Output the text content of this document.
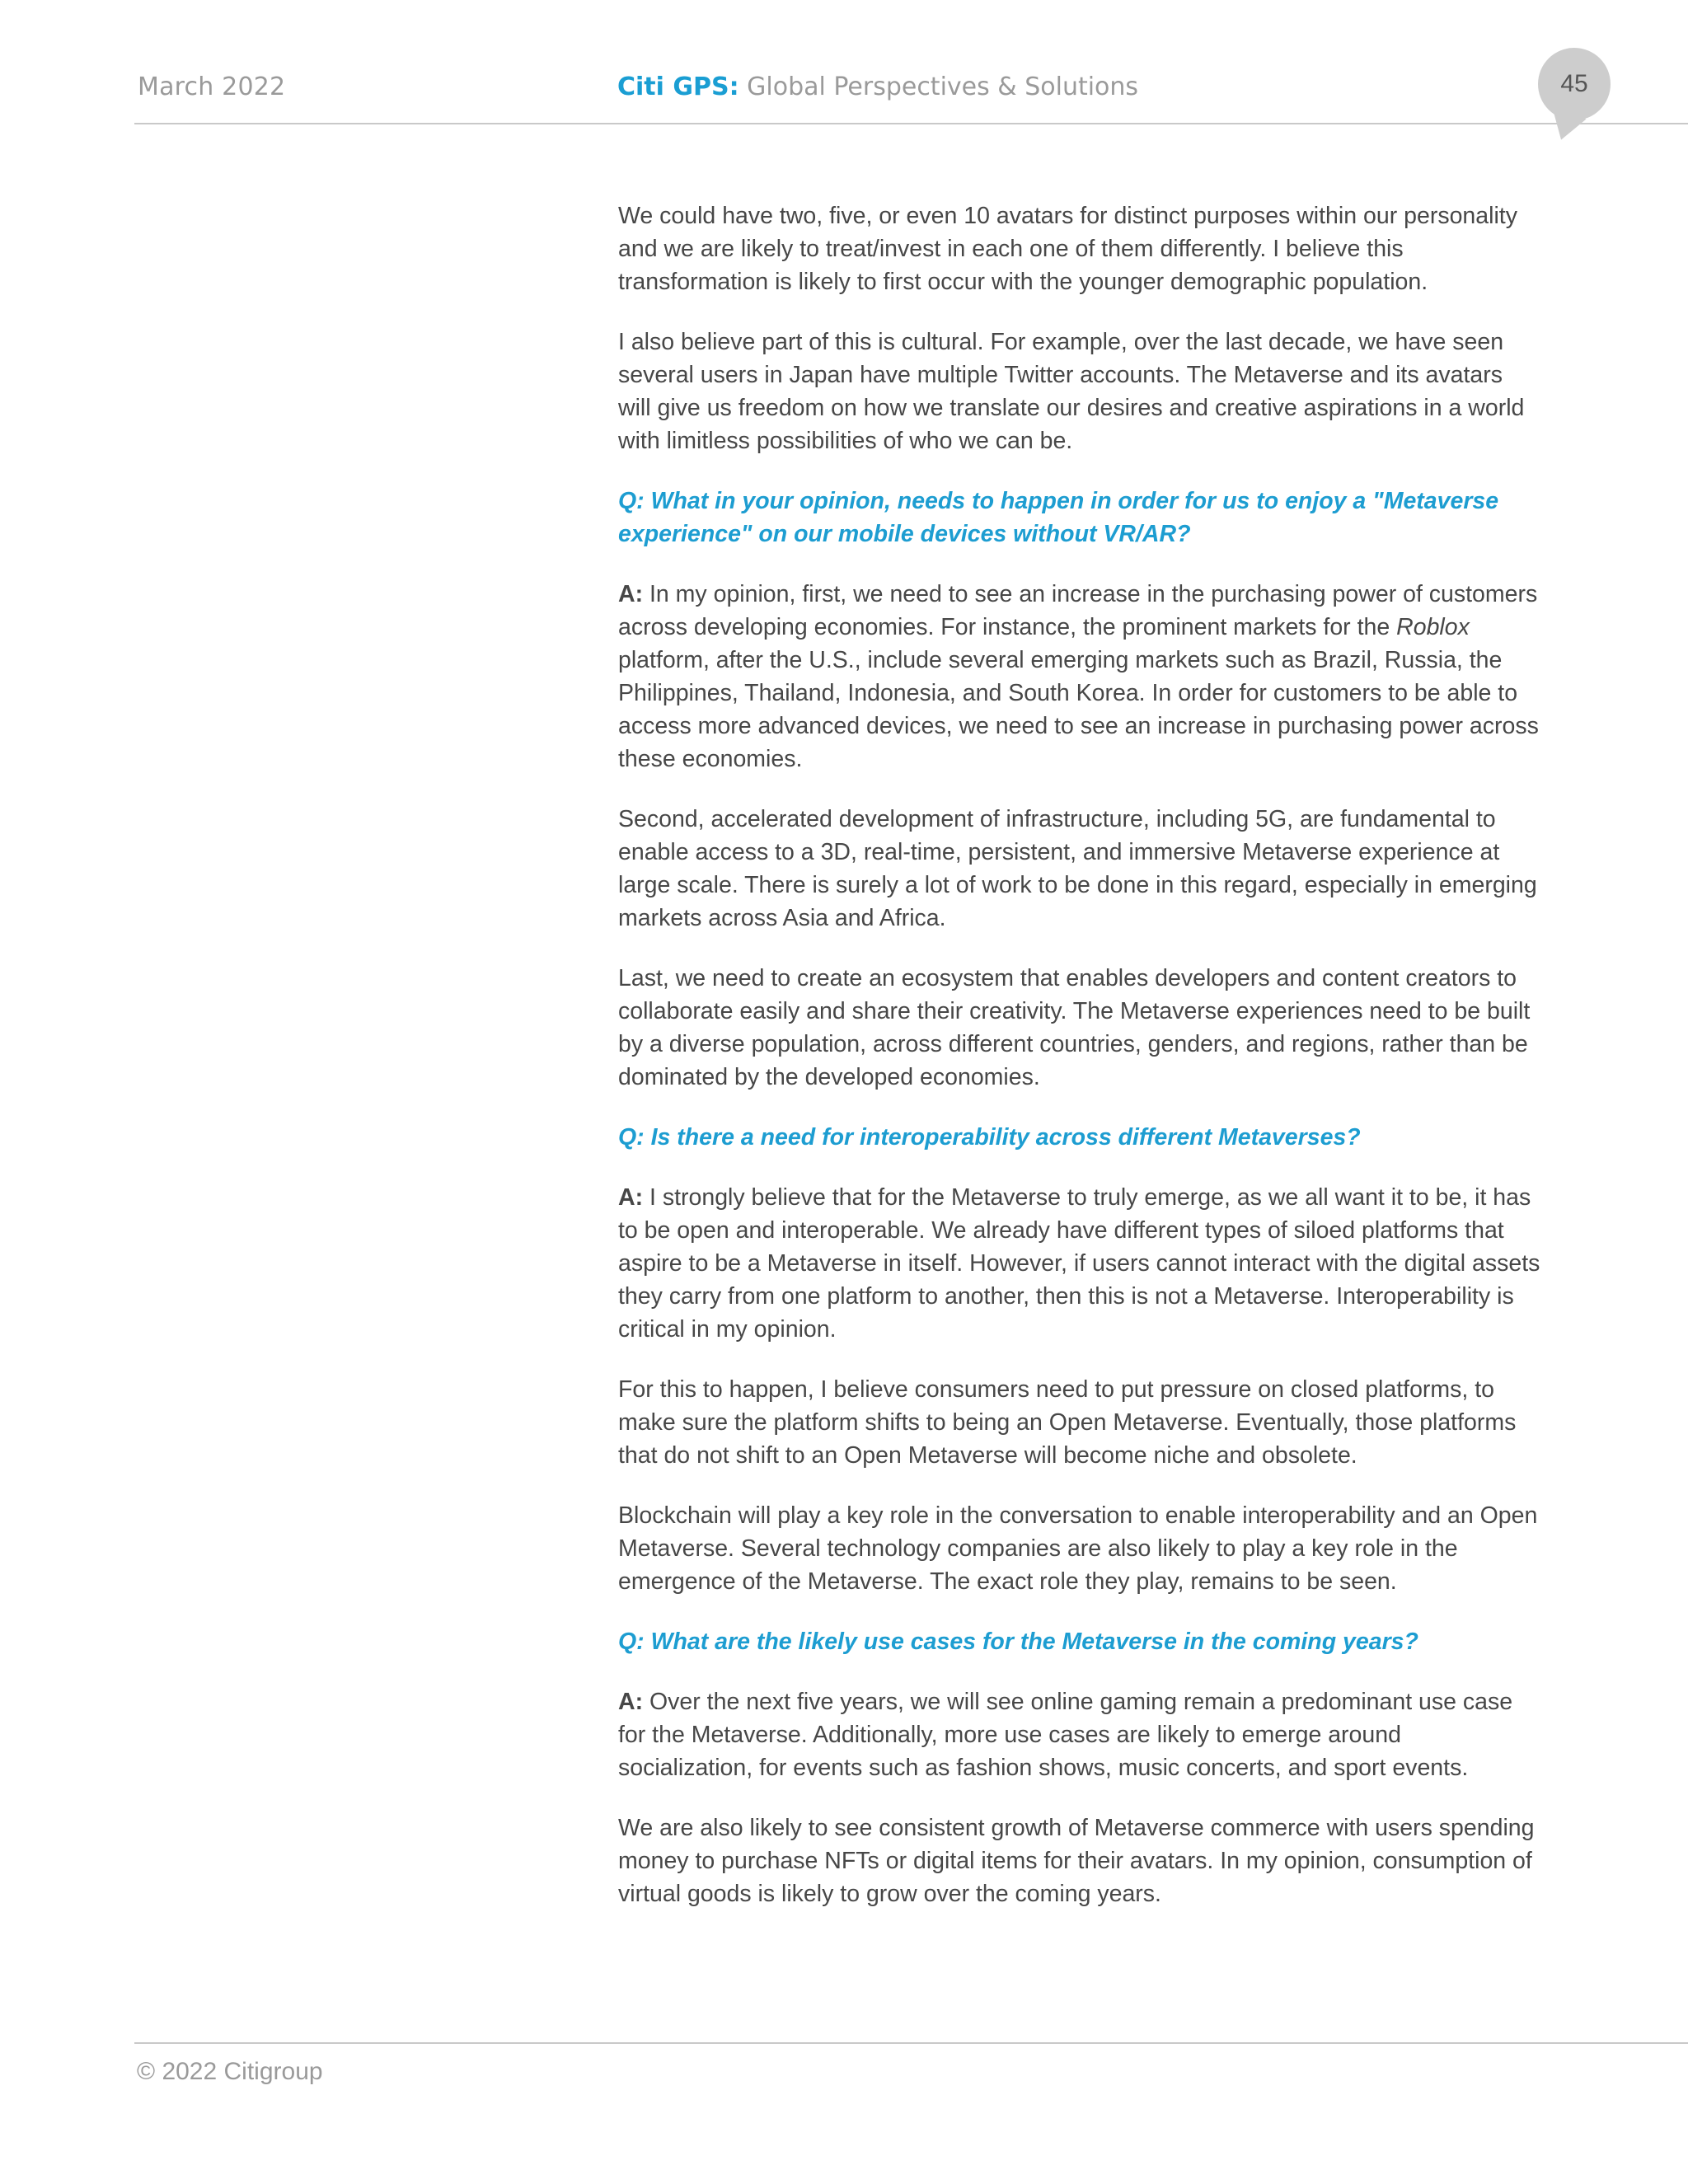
March 2022	Citi GPS: Global Perspectives & Solutions	45

We could have two, five, or even 10 avatars for distinct purposes within our personality and we are likely to treat/invest in each one of them differently. I believe this transformation is likely to first occur with the younger demographic population.

I also believe part of this is cultural. For example, over the last decade, we have seen several users in Japan have multiple Twitter accounts. The Metaverse and its avatars will give us freedom on how we translate our desires and creative aspirations in a world with limitless possibilities of who we can be.

Q: What in your opinion, needs to happen in order for us to enjoy a "Metaverse experience" on our mobile devices without VR/AR?

A: In my opinion, first, we need to see an increase in the purchasing power of customers across developing economies. For instance, the prominent markets for the Roblox platform, after the U.S., include several emerging markets such as Brazil, Russia, the Philippines, Thailand, Indonesia, and South Korea. In order for customers to be able to access more advanced devices, we need to see an increase in purchasing power across these economies.

Second, accelerated development of infrastructure, including 5G, are fundamental to enable access to a 3D, real-time, persistent, and immersive Metaverse experience at large scale. There is surely a lot of work to be done in this regard, especially in emerging markets across Asia and Africa.

Last, we need to create an ecosystem that enables developers and content creators to collaborate easily and share their creativity. The Metaverse experiences need to be built by a diverse population, across different countries, genders, and regions, rather than be dominated by the developed economies.

Q: Is there a need for interoperability across different Metaverses?

A: I strongly believe that for the Metaverse to truly emerge, as we all want it to be, it has to be open and interoperable. We already have different types of siloed platforms that aspire to be a Metaverse in itself. However, if users cannot interact with the digital assets they carry from one platform to another, then this is not a Metaverse. Interoperability is critical in my opinion.

For this to happen, I believe consumers need to put pressure on closed platforms, to make sure the platform shifts to being an Open Metaverse. Eventually, those platforms that do not shift to an Open Metaverse will become niche and obsolete.

Blockchain will play a key role in the conversation to enable interoperability and an Open Metaverse. Several technology companies are also likely to play a key role in the emergence of the Metaverse. The exact role they play, remains to be seen.

Q: What are the likely use cases for the Metaverse in the coming years?

A: Over the next five years, we will see online gaming remain a predominant use case for the Metaverse. Additionally, more use cases are likely to emerge around socialization, for events such as fashion shows, music concerts, and sport events.

We are also likely to see consistent growth of Metaverse commerce with users spending money to purchase NFTs or digital items for their avatars. In my opinion, consumption of virtual goods is likely to grow over the coming years.

© 2022 Citigroup
